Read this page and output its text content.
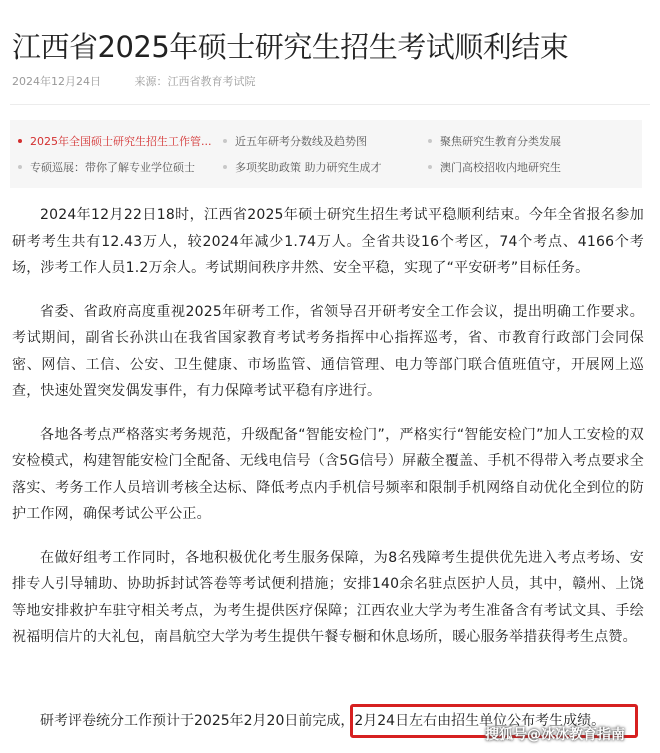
江西省2025年硕士研究生招生考试顺利结束
2024年12月24日	来源：江西省教育考试院
2025年全国硕士研究生招生工作管... 近五年研考分数线及趋势图	聚焦研究生教育分类发展
专硕巡展：带你了解专业学位硕士	多项奖助政策 助力研究生成才	澳门高校招收内地研究生

2024年12月22日18时，江西省2025年硕士研究生招生考试平稳顺利结束。今年全省报名参加研考考生共有12.43万人，较2024年减少1.74万人。全省共设16个考区，74个考点、4166个考场，涉考工作人员1.2万余人。考试期间秩序井然、安全平稳，实现了“平安研考”目标任务。

省委、省政府高度重视2025年研考工作，省领导召开研考安全工作会议，提出明确工作要求。考试期间，副省长孙洪山在我省国家教育考试考务指挥中心指挥巡考，省、市教育行政部门会同保密、网信、工信、公安、卫生健康、市场监管、通信管理、电力等部门联合值班值守，开展网上巡查，快速处置突发偶发事件，有力保障考试平稳有序进行。

各地各考点严格落实考务规范，升级配备“智能安检门”，严格实行“智能安检门”加人工安检的双安检模式，构建智能安检门全配备、无线电信号（含5G信号）屏蔽全覆盖、手机不得带入考点要求全落实、考务工作人员培训考核全达标、降低考点内手机信号频率和限制手机网络自动优化全到位的防护工作网，确保考试公平公正。

在做好组考工作同时，各地积极优化考生服务保障，为8名残障考生提供优先进入考点考场、安排专人引导辅助、协助拆封试答卷等考试便利措施；安排140余名驻点医护人员，其中，赣州、上饶等地安排救护车驻守相关考点，为考生提供医疗保障；江西农业大学为考生准备含有考试文具、手绘祝福明信片的大礼包，南昌航空大学为考生提供午餐专橱和休息场所，暖心服务举措获得考生点赞。

研考评卷统分工作预计于2025年2月20日前完成，2月24日左右由招生单位公布考生成绩。
搜狐号@冰冰教育指南
